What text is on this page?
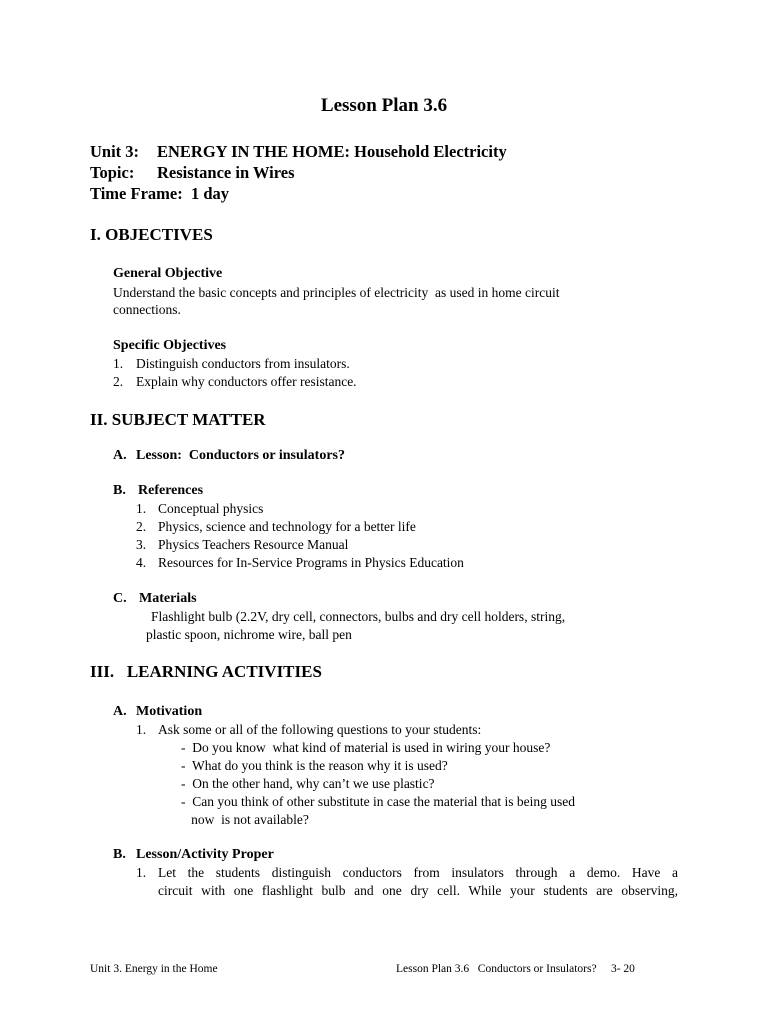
Lesson Plan 3.6
Unit 3: ENERGY IN THE HOME: Household Electricity
Topic: Resistance in Wires
Time Frame:  1 day
I. OBJECTIVES
General Objective
Understand the basic concepts and principles of electricity  as used in home circuit
connections.
Specific Objectives
1. Distinguish conductors from insulators.
2. Explain why conductors offer resistance.
II. SUBJECT MATTER
A. Lesson:  Conductors or insulators?
B. References
1. Conceptual physics
2. Physics, science and technology for a better life
3. Physics Teachers Resource Manual
4. Resources for In-Service Programs in Physics Education
C. Materials
Flashlight bulb (2.2V, dry cell, connectors, bulbs and dry cell holders, string,
plastic spoon, nichrome wire, ball pen
III.   LEARNING ACTIVITIES
A. Motivation
1. Ask some or all of the following questions to your students:
-  Do you know  what kind of material is used in wiring your house?
-  What do you think is the reason why it is used?
-  On the other hand, why can’t we use plastic?
-  Can you think of other substitute in case the material that is being used
now  is not available?
B. Lesson/Activity Proper
1. Let the students distinguish conductors from insulators through a demo. Have a
circuit with one flashlight bulb and one dry cell. While your students are observing,
Unit 3. Energy in the Home	Lesson Plan 3.6   Conductors or Insulators?     3- 20
